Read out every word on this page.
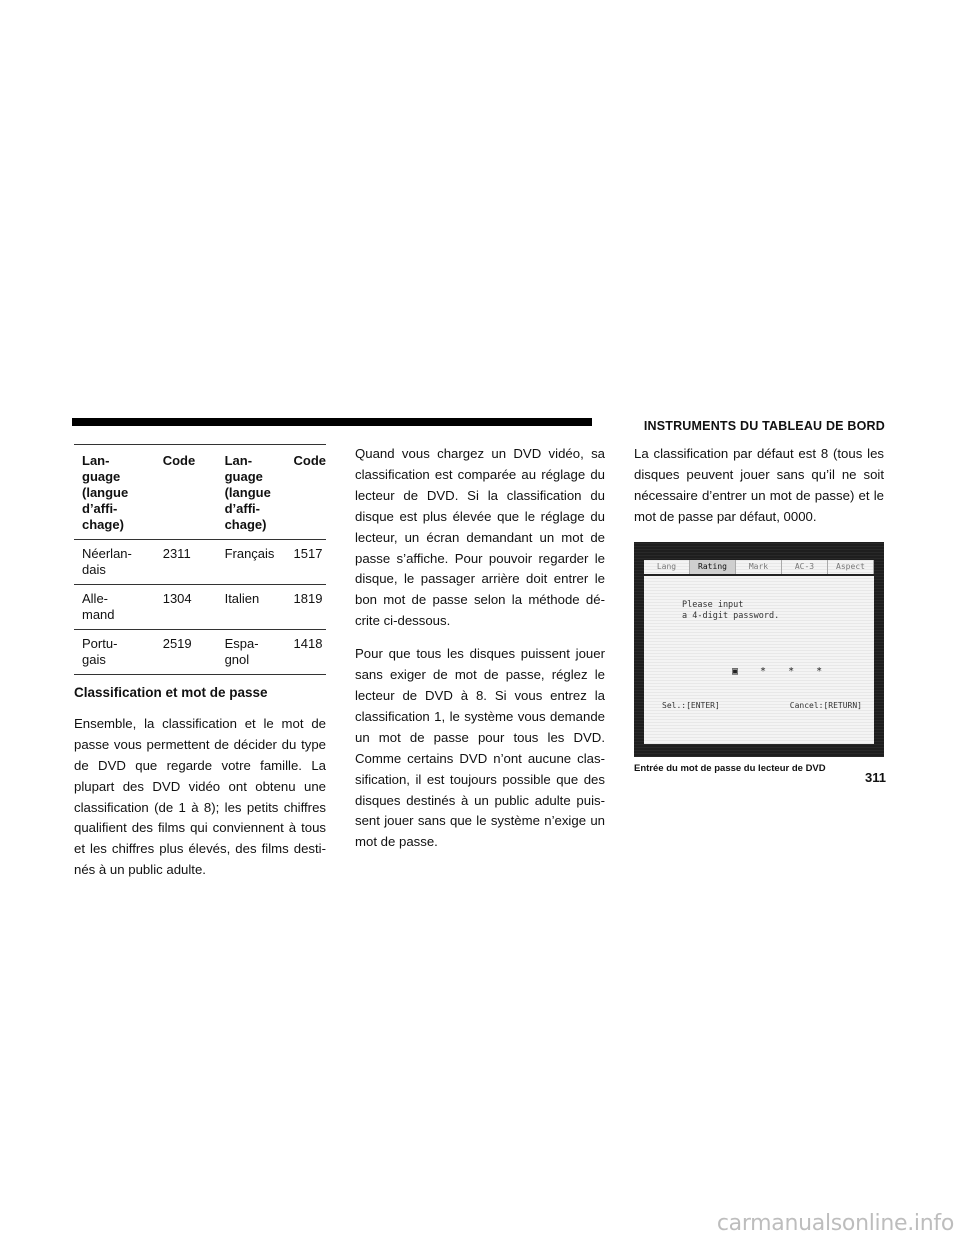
INSTRUMENTS DU TABLEAU DE BORD
Lan-
guage
(langue
d’affi-
chage)	Code	Lan-
guage
(langue
d’affi-
chage)	Code
Néerlan-
dais	2311	Français	1517
Alle-
mand	1304	Italien	1819
Portu-
gais	2519	Espa-
gnol	1418
Classification et mot de passe

Ensemble, la classification et le mot de passe vous permettent de décider du type de DVD que regarde votre famille. La plupart des DVD vidéo ont obtenu une classification (de 1 à 8); les petits chiffres qualifient des films qui conviennent à tous et les chiffres plus élevés, des films destinés à un public adulte.

Quand vous chargez un DVD vidéo, sa classification est comparée au réglage du lecteur de DVD. Si la classification du disque est plus élevée que le réglage du lecteur, un écran demandant un mot de passe s’affiche. Pour pouvoir regarder le disque, le passager arrière doit entrer le bon mot de passe selon la méthode décrite ci-dessous.

Pour que tous les disques puissent jouer sans exiger de mot de passe, réglez le lecteur de DVD à 8. Si vous entrez la classification 1, le système vous demande un mot de passe pour tous les DVD. Comme certains DVD n’ont aucune classification, il est toujours possible que des disques destinés à un public adulte puissent jouer sans que le système n’exige un mot de passe.

La classification par défaut est 8 (tous les disques peuvent jouer sans qu’il ne soit nécessaire d’entrer un mot de passe) et le mot de passe par défaut, 0000.

Lang	Rating	Mark	AC-3	Aspect
Please input
a 4-digit password.
▣ * * *
Sel.:[ENTER]	Cancel:[RETURN]
Entrée du mot de passe du lecteur de DVD
311
carmanualsonline.info
